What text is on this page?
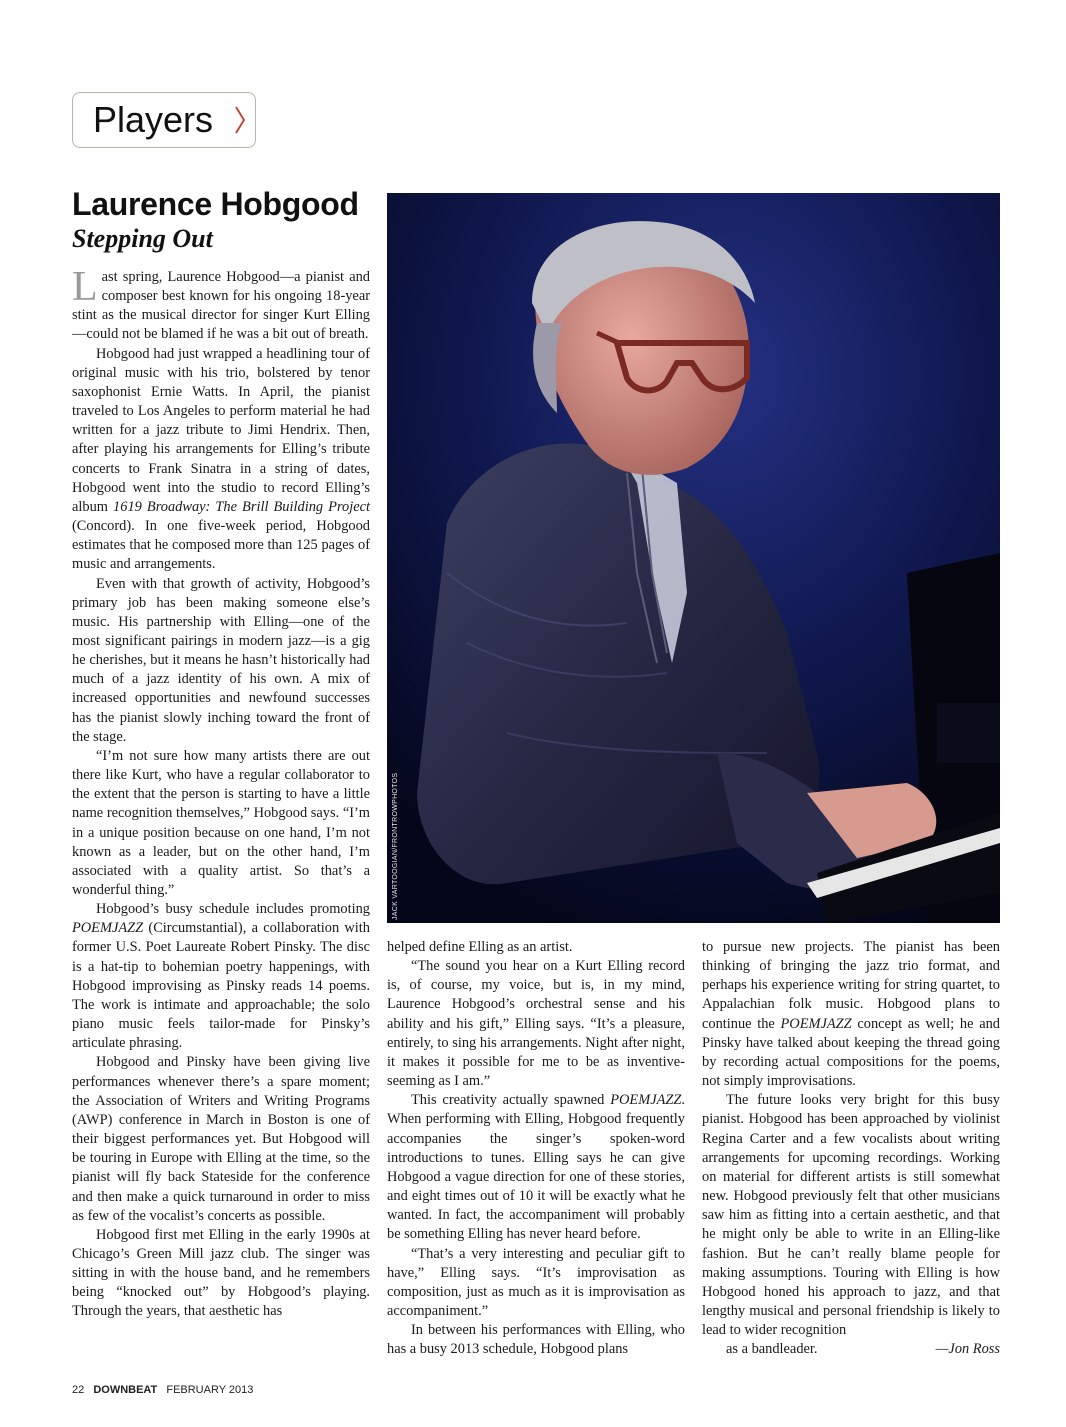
Players
Laurence Hobgood
Stepping Out
JACK VARTOOGIAN/FRONTROWPHOTOS

Last spring, Laurence Hobgood—a pianist and composer best known for his ongoing 18-year stint as the musical director for singer Kurt Elling—could not be blamed if he was a bit out of breath.

Hobgood had just wrapped a headlining tour of original music with his trio, bolstered by tenor saxophonist Ernie Watts. In April, the pianist traveled to Los Angeles to perform material he had written for a jazz tribute to Jimi Hendrix. Then, after playing his arrangements for Elling’s tribute concerts to Frank Sinatra in a string of dates, Hobgood went into the studio to record Elling’s album 1619 Broadway: The Brill Building Project (Concord). In one five-week period, Hobgood estimates that he composed more than 125 pages of music and arrangements.

Even with that growth of activity, Hobgood’s primary job has been making someone else’s music. His partnership with Elling—one of the most significant pairings in modern jazz—is a gig he cherishes, but it means he hasn’t historically had much of a jazz identity of his own. A mix of increased opportunities and newfound successes has the pianist slowly inching toward the front of the stage.

“I’m not sure how many artists there are out there like Kurt, who have a regular collaborator to the extent that the person is starting to have a little name recognition themselves,” Hobgood says. “I’m in a unique position because on one hand, I’m not known as a leader, but on the other hand, I’m associated with a quality artist. So that’s a wonderful thing.”

Hobgood’s busy schedule includes promoting POEMJAZZ (Circumstantial), a collaboration with former U.S. Poet Laureate Robert Pinsky. The disc is a hat-tip to bohemian poetry happenings, with Hobgood improvising as Pinsky reads 14 poems. The work is intimate and approachable; the solo piano music feels tailor-made for Pinsky’s articulate phrasing.

Hobgood and Pinsky have been giving live performances whenever there’s a spare moment; the Association of Writers and Writing Programs (AWP) conference in March in Boston is one of their biggest performances yet. But Hobgood will be touring in Europe with Elling at the time, so the pianist will fly back Stateside for the conference and then make a quick turnaround in order to miss as few of the vocalist’s concerts as possible.

Hobgood first met Elling in the early 1990s at Chicago’s Green Mill jazz club. The singer was sitting in with the house band, and he remembers being “knocked out” by Hobgood’s playing. Through the years, that aesthetic has

helped define Elling as an artist.

“The sound you hear on a Kurt Elling record is, of course, my voice, but is, in my mind, Laurence Hobgood’s orchestral sense and his ability and his gift,” Elling says. “It’s a pleasure, entirely, to sing his arrangements. Night after night, it makes it possible for me to be as inventive-seeming as I am.”

This creativity actually spawned POEMJAZZ. When performing with Elling, Hobgood frequently accompanies the singer’s spoken-word introductions to tunes. Elling says he can give Hobgood a vague direction for one of these stories, and eight times out of 10 it will be exactly what he wanted. In fact, the accompaniment will probably be something Elling has never heard before.

“That’s a very interesting and peculiar gift to have,” Elling says. “It’s improvisation as composition, just as much as it is improvisation as accompaniment.”

In between his performances with Elling, who has a busy 2013 schedule, Hobgood plans

to pursue new projects. The pianist has been thinking of bringing the jazz trio format, and perhaps his experience writing for string quartet, to Appalachian folk music. Hobgood plans to continue the POEMJAZZ concept as well; he and Pinsky have talked about keeping the thread going by recording actual compositions for the poems, not simply improvisations.

The future looks very bright for this busy pianist. Hobgood has been approached by violinist Regina Carter and a few vocalists about writing arrangements for upcoming recordings. Working on material for different artists is still somewhat new. Hobgood previously felt that other musicians saw him as fitting into a certain aesthetic, and that he might only be able to write in an Elling-like fashion. But he can’t really blame people for making assumptions. Touring with Elling is how Hobgood honed his approach to jazz, and that lengthy musical and personal friendship is likely to lead to wider recognition

as a bandleader.	—Jon Ross

22 DOWNBEAT FEBRUARY 2013
